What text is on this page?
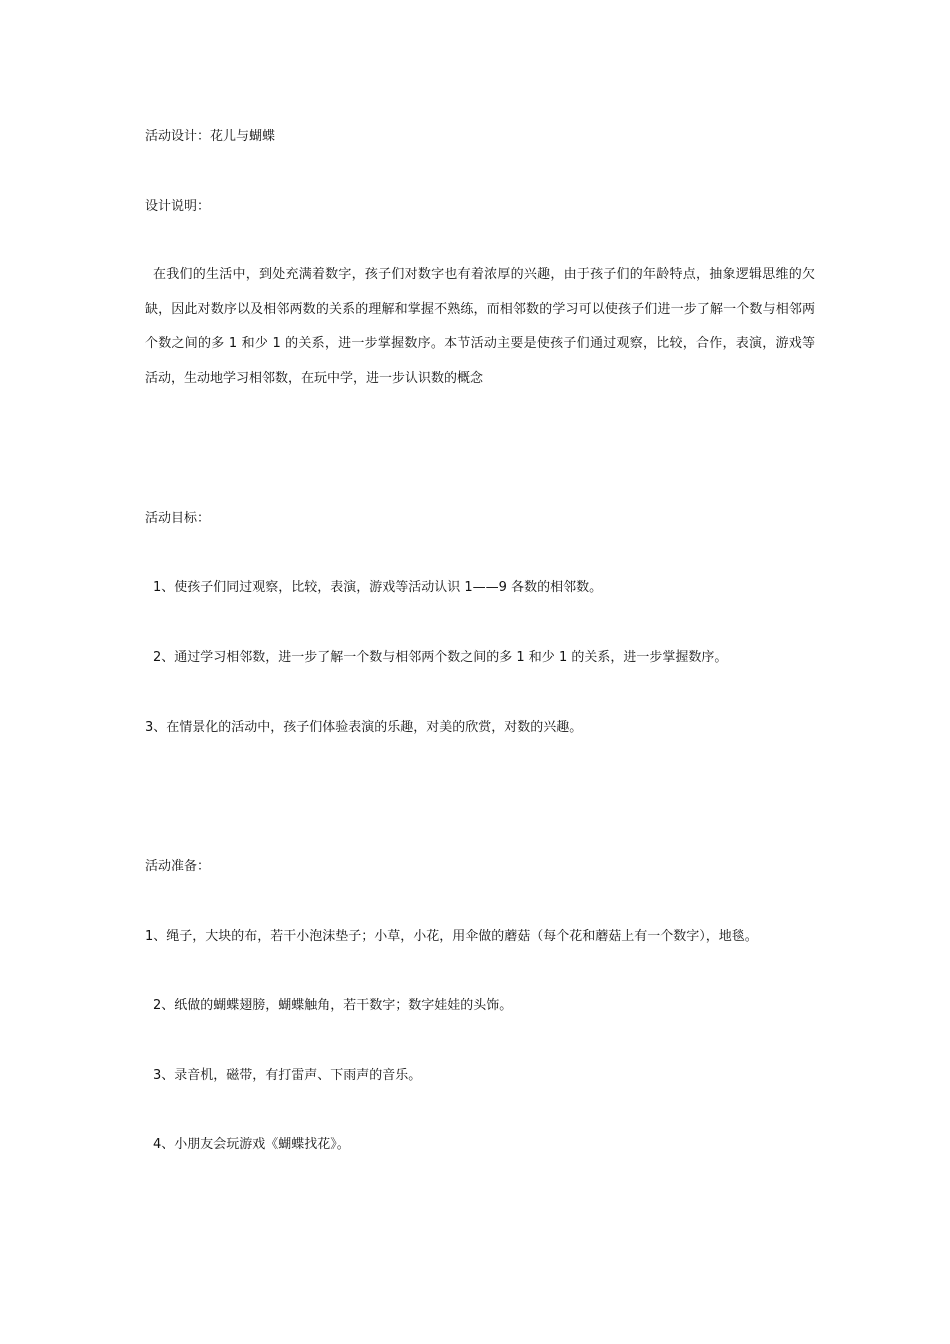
活动设计：花儿与蝴蝶
设计说明：
在我们的生活中，到处充满着数字，孩子们对数字也有着浓厚的兴趣，由于孩子们的年龄特点，抽象逻辑思维的欠缺，因此对数序以及相邻两数的关系的理解和掌握不熟练，而相邻数的学习可以使孩子们进一步了解一个数与相邻两个数之间的多 1 和少 1 的关系，进一步掌握数序。本节活动主要是使孩子们通过观察，比较，合作，表演，游戏等活动，生动地学习相邻数，在玩中学，进一步认识数的概念
活动目标：
1、使孩子们同过观察，比较，表演，游戏等活动认识 1——9 各数的相邻数。
2、通过学习相邻数，进一步了解一个数与相邻两个数之间的多 1 和少 1 的关系，进一步掌握数序。
3、在情景化的活动中，孩子们体验表演的乐趣，对美的欣赏，对数的兴趣。
活动准备：
1、绳子，大块的布，若干小泡沫垫子；小草，小花，用伞做的蘑菇（每个花和蘑菇上有一个数字），地毯。
2、纸做的蝴蝶翅膀，蝴蝶触角，若干数字；数字娃娃的头饰。
3、录音机，磁带，有打雷声、下雨声的音乐。
4、小朋友会玩游戏《蝴蝶找花》。
